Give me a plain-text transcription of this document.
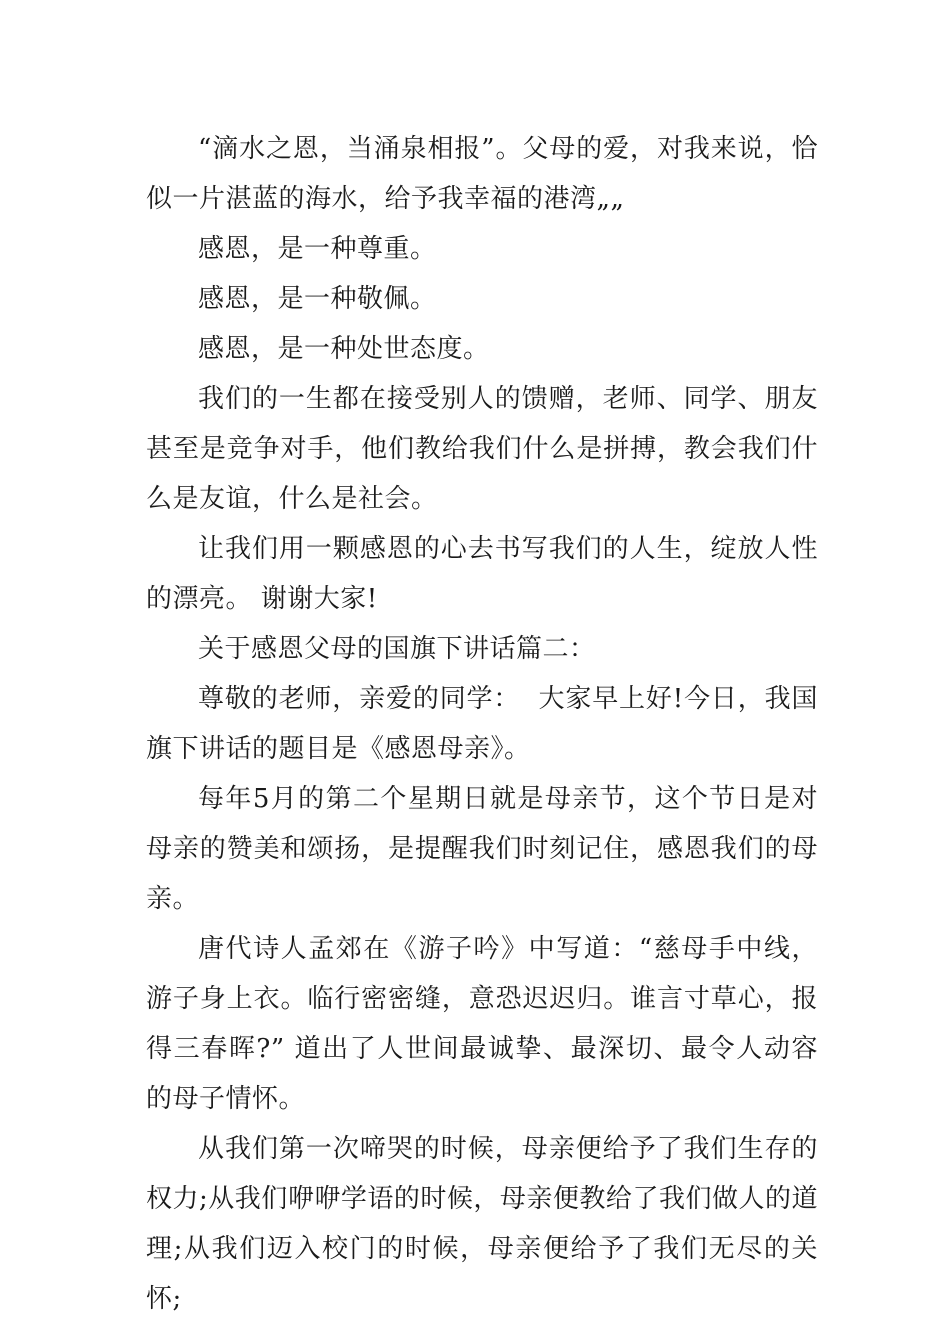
“滴水之恩，当涌泉相报”。父母的爱，对我来说，恰似一片湛蓝的海水，给予我幸福的港湾„„

感恩，是一种尊重。

感恩，是一种敬佩。

感恩，是一种处世态度。

我们的一生都在接受别人的馈赠，老师、同学、朋友甚至是竞争对手，他们教给我们什么是拼搏，教会我们什么是友谊，什么是社会。

让我们用一颗感恩的心去书写我们的人生，绽放人性的漂亮。 谢谢大家!

关于感恩父母的国旗下讲话篇二：

尊敬的老师，亲爱的同学：  大家早上好!今日，我国旗下讲话的题目是《感恩母亲》。

每年5月的第二个星期日就是母亲节，这个节日是对母亲的赞美和颂扬，是提醒我们时刻记住，感恩我们的母亲。

唐代诗人孟郊在《游子吟》中写道：“慈母手中线，游子身上衣。临行密密缝，意恐迟迟归。谁言寸草心，报得三春晖?” 道出了人世间最诚挚、最深切、最令人动容的母子情怀。

从我们第一次啼哭的时候，母亲便给予了我们生存的权力;从我们咿咿学语的时候，母亲便教给了我们做人的道理;从我们迈入校门的时候，母亲便给予了我们无尽的关怀;
